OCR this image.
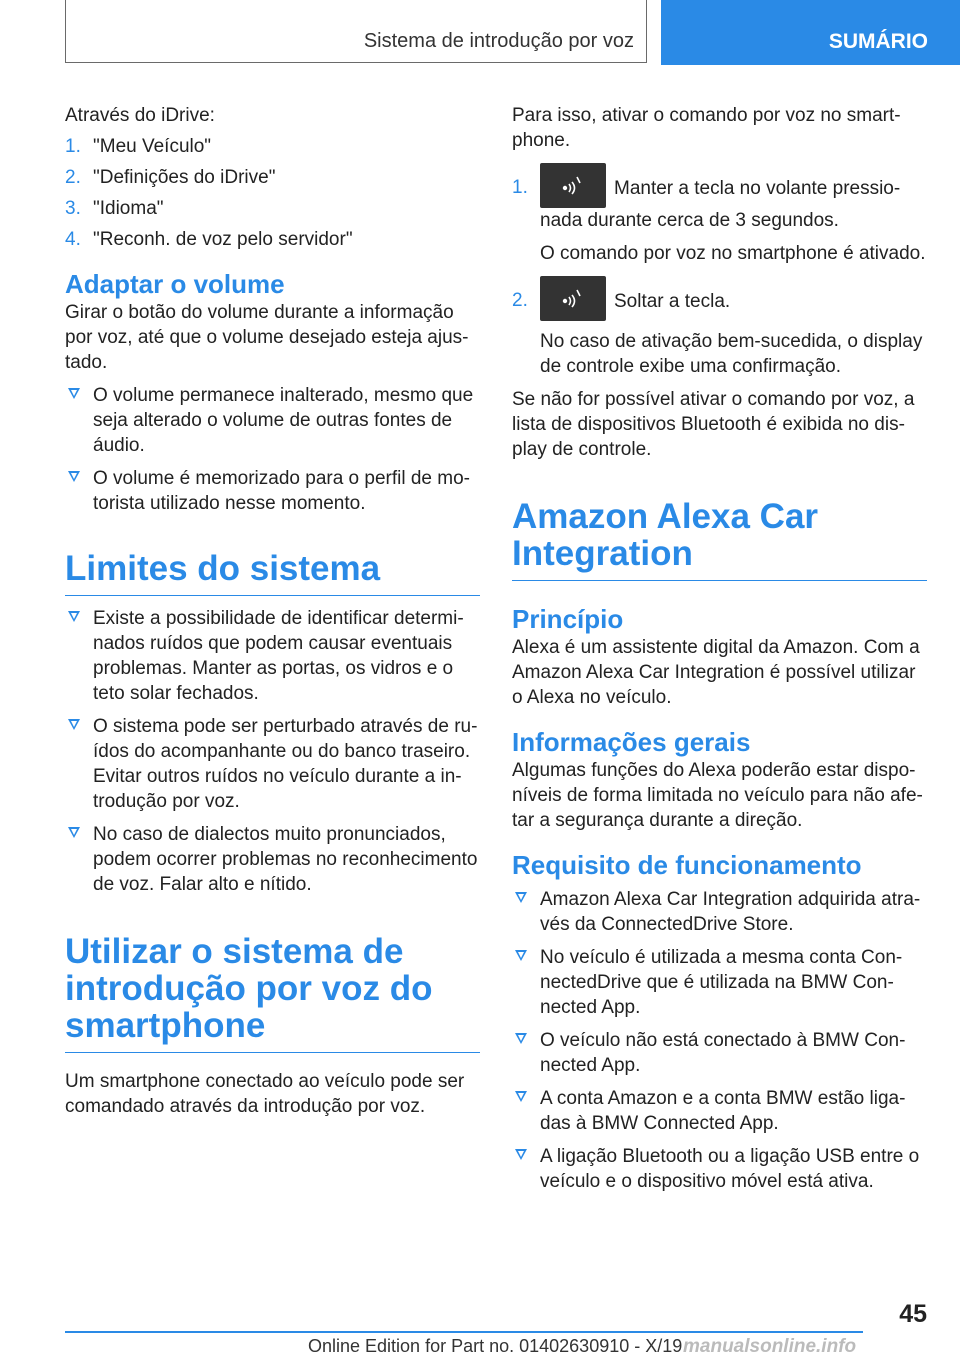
Sistema de introdução por voz	SUMÁRIO

Através do iDrive:

1. "Meu Veículo"
2. "Definições do iDrive"
3. "Idioma"
4. "Reconh. de voz pelo servidor"
Adaptar o volume

Girar o botão do volume durante a informação por voz, até que o volume desejado esteja ajustado.

O volume permanece inalterado, mesmo que seja alterado o volume de outras fontes de áudio.
O volume é memorizado para o perfil de motorista utilizado nesse momento.
Limites do sistema
Existe a possibilidade de identificar determinados ruídos que podem causar eventuais problemas. Manter as portas, os vidros e o teto solar fechados.
O sistema pode ser perturbado através de ruídos do acompanhante ou do banco traseiro. Evitar outros ruídos no veículo durante a introdução por voz.
No caso de dialectos muito pronunciados, podem ocorrer problemas no reconhecimento de voz. Falar alto e nítido.
Utilizar o sistema de introdução por voz do smartphone

Um smartphone conectado ao veículo pode ser comandado através da introdução por voz.

Para isso, ativar o comando por voz no smartphone.

1.	Manter a tecla no volante pressionada durante cerca de 3 segundos.

O comando por voz no smartphone é ativado.

2.	Soltar a tecla.

No caso de ativação bem-sucedida, o display de controle exibe uma confirmação.

Se não for possível ativar o comando por voz, a lista de dispositivos Bluetooth é exibida no display de controle.

Amazon Alexa Car Integration
Princípio

Alexa é um assistente digital da Amazon. Com a Amazon Alexa Car Integration é possível utilizar o Alexa no veículo.

Informações gerais

Algumas funções do Alexa poderão estar disponíveis de forma limitada no veículo para não afetar a segurança durante a direção.

Requisito de funcionamento
Amazon Alexa Car Integration adquirida através da ConnectedDrive Store.
No veículo é utilizada a mesma conta ConnectedDrive que é utilizada na BMW Connected App.
O veículo não está conectado à BMW Connected App.
A conta Amazon e a conta BMW estão ligadas à BMW Connected App.
A ligação Bluetooth ou a ligação USB entre o veículo e o dispositivo móvel está ativa.
45
Online Edition for Part no. 01402630910 - X/19 manualsonline.info
